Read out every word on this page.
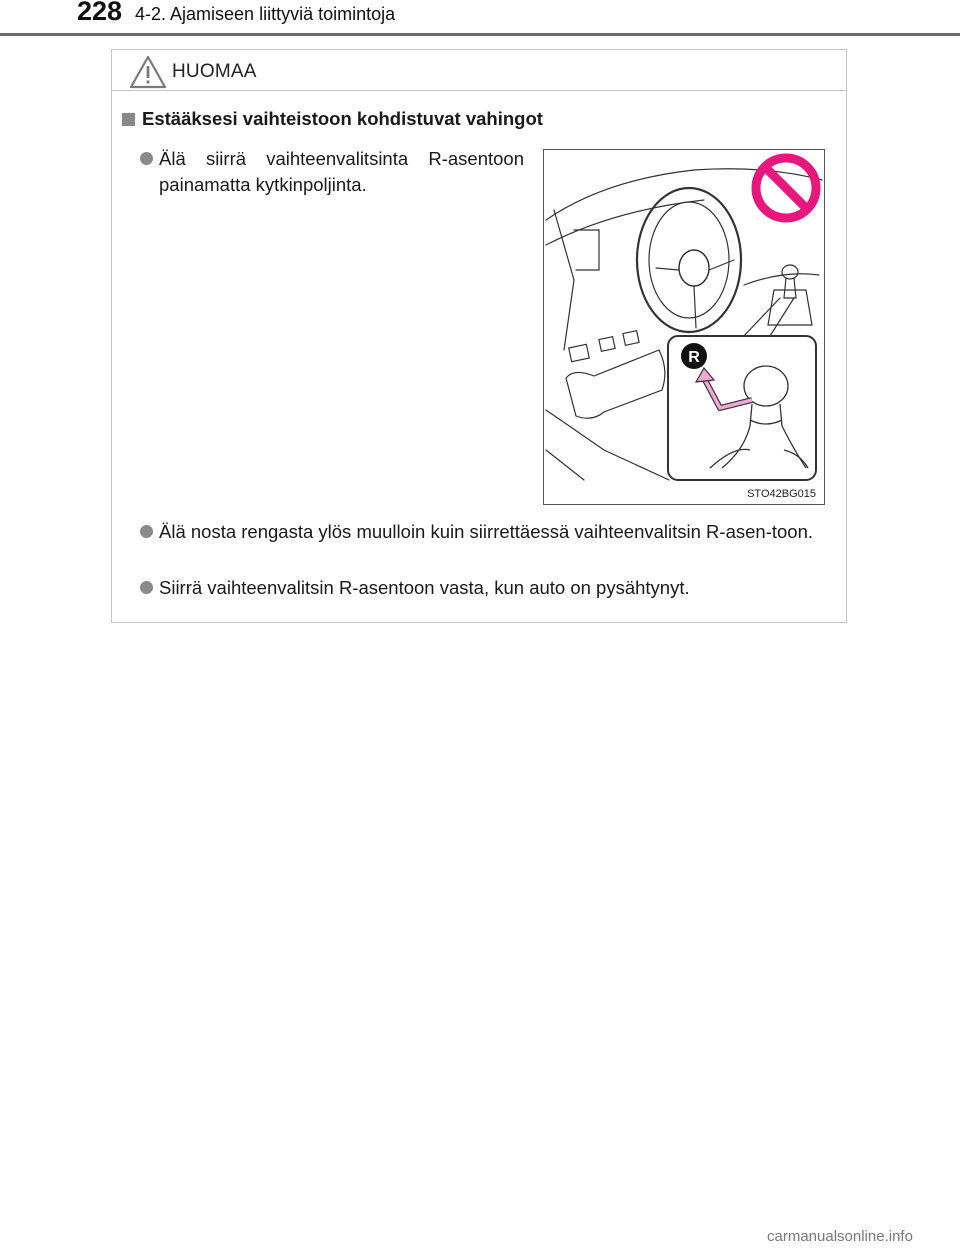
228 4-2. Ajamiseen liittyviä toimintoja
HUOMAA
Estääksesi vaihteistoon kohdistuvat vahingot
Älä siirrä vaihteenvalitsinta R-asentoon painamatta kytkinpoljinta.
R
STO42BG015
Älä nosta rengasta ylös muulloin kuin siirrettäessä vaihteenvalitsin R-asen-toon.
Siirrä vaihteenvalitsin R-asentoon vasta, kun auto on pysähtynyt.
carmanualsonline.info
